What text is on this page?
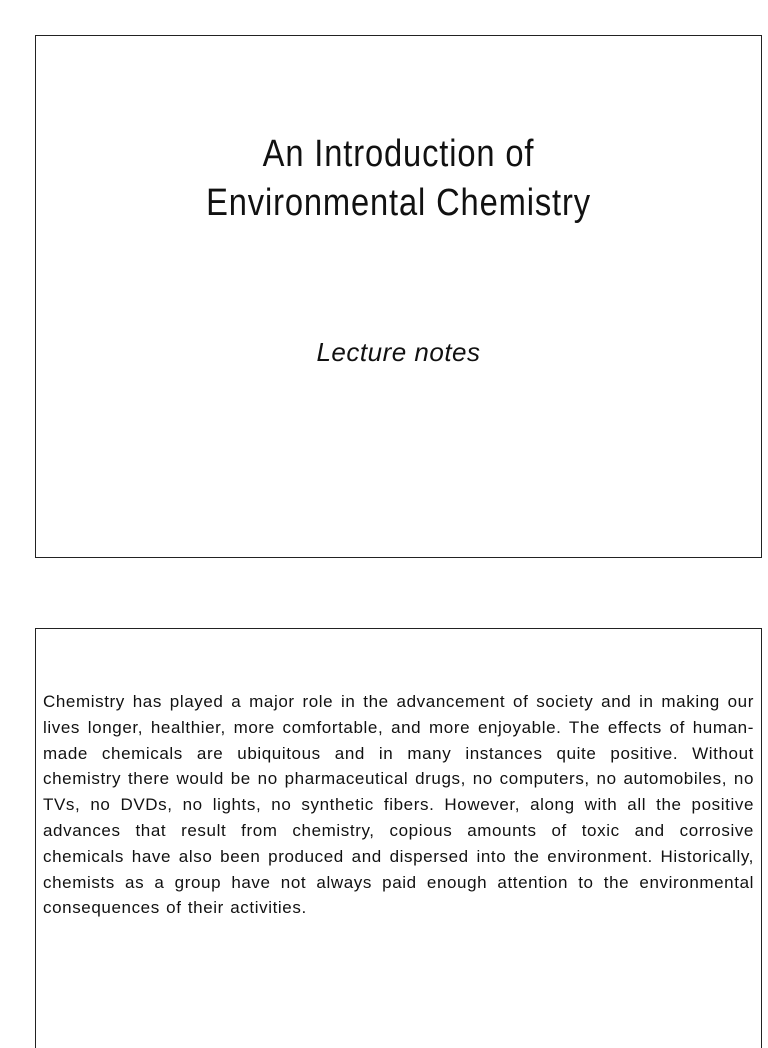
An Introduction of
Environmental Chemistry

Lecture notes

Chemistry has played a major role in the advancement of society and in making our lives longer, healthier, more comfortable, and more enjoyable. The effects of human-made chemicals are ubiquitous and in many instances quite positive. Without chemistry there would be no pharmaceutical drugs, no computers, no automobiles, no TVs, no DVDs, no lights, no synthetic fibers. However, along with all the positive advances that result from chemistry, copious amounts of toxic and corrosive chemicals have also been produced and dispersed into the environment. Historically, chemists as a group have not always paid enough attention to the environmental consequences of their activities.
